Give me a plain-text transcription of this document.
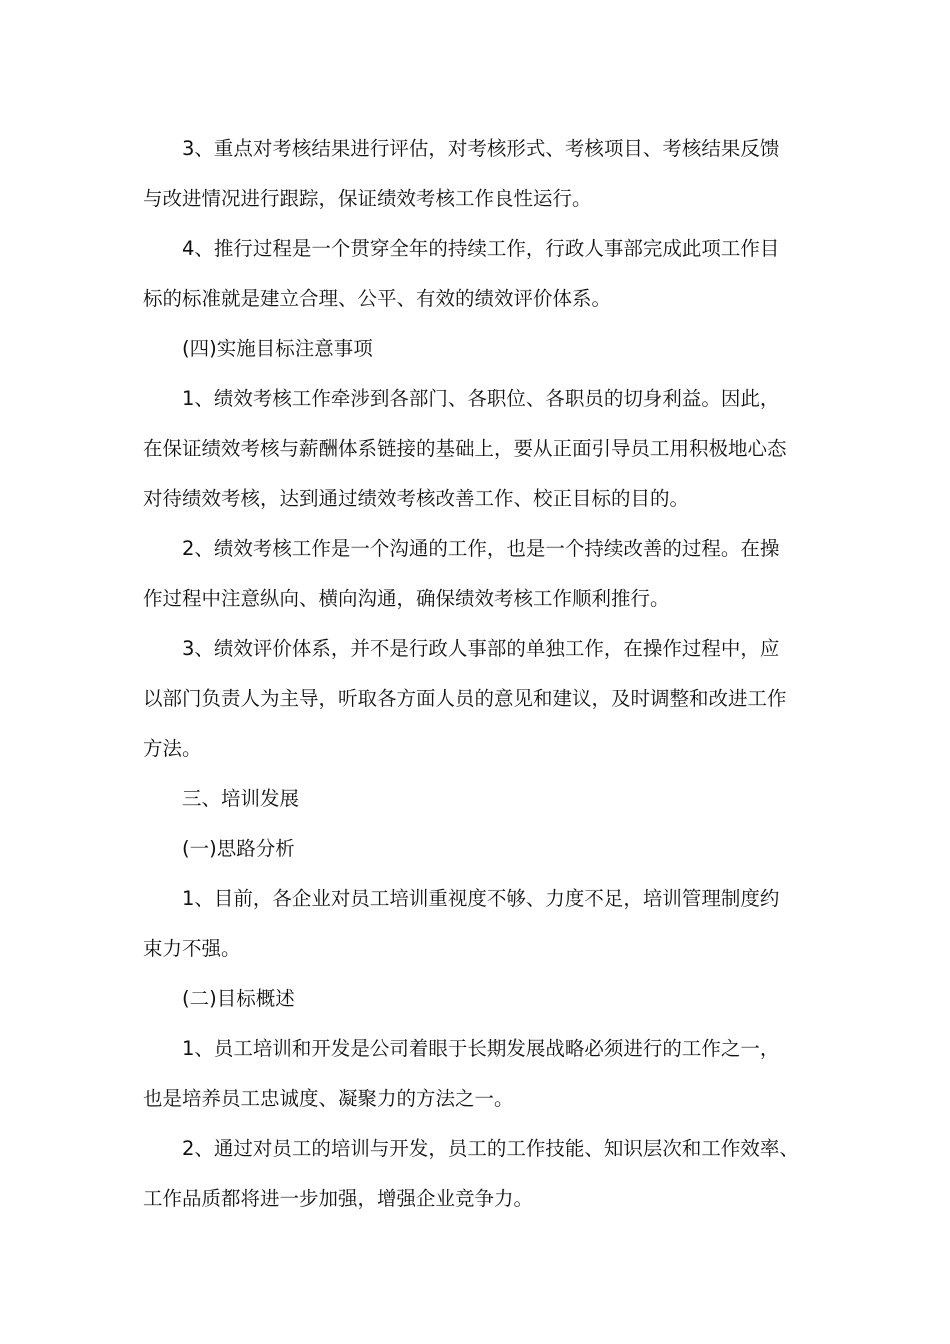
3、重点对考核结果进行评估，对考核形式、考核项目、考核结果反馈
与改进情况进行跟踪，保证绩效考核工作良性运行。
4、推行过程是一个贯穿全年的持续工作，行政人事部完成此项工作目
标的标准就是建立合理、公平、有效的绩效评价体系。
(四)实施目标注意事项
1、绩效考核工作牵涉到各部门、各职位、各职员的切身利益。因此，
在保证绩效考核与薪酬体系链接的基础上，要从正面引导员工用积极地心态
对待绩效考核，达到通过绩效考核改善工作、校正目标的目的。
2、绩效考核工作是一个沟通的工作，也是一个持续改善的过程。在操
作过程中注意纵向、横向沟通，确保绩效考核工作顺利推行。
3、绩效评价体系，并不是行政人事部的单独工作，在操作过程中，应
以部门负责人为主导，听取各方面人员的意见和建议，及时调整和改进工作
方法。
三、培训发展
(一)思路分析
1、目前，各企业对员工培训重视度不够、力度不足，培训管理制度约
束力不强。
(二)目标概述
1、员工培训和开发是公司着眼于长期发展战略必须进行的工作之一，
也是培养员工忠诚度、凝聚力的方法之一。
2、通过对员工的培训与开发，员工的工作技能、知识层次和工作效率、
工作品质都将进一步加强，增强企业竞争力。
